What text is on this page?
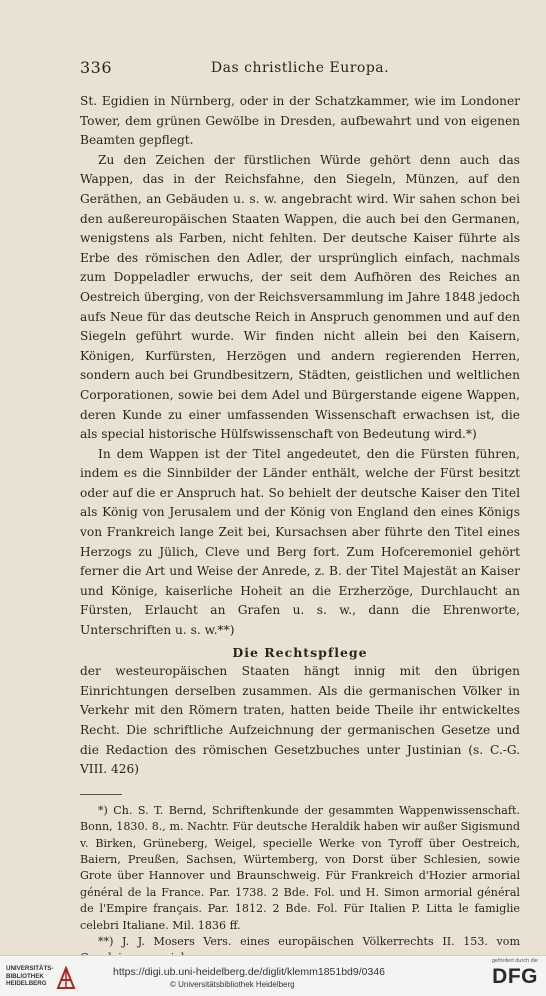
336	Das christliche Europa.

St. Egidien in Nürnberg, oder in der Schatzkammer, wie im Londoner Tower, dem grünen Gewölbe in Dresden, aufbewahrt und von eigenen Beamten gepflegt.

Zu den Zeichen der fürstlichen Würde gehört denn auch das Wappen, das in der Reichsfahne, den Siegeln, Münzen, auf den Geräthen, an Gebäuden u. s. w. angebracht wird. Wir sahen schon bei den außereuropäischen Staaten Wappen, die auch bei den Germanen, wenigstens als Farben, nicht fehlten. Der deutsche Kaiser führte als Erbe des römischen den Adler, der ursprünglich einfach, nachmals zum Doppeladler erwuchs, der seit dem Aufhören des Reiches an Oestreich überging, von der Reichsversammlung im Jahre 1848 jedoch aufs Neue für das deutsche Reich in Anspruch genommen und auf den Siegeln geführt wurde. Wir finden nicht allein bei den Kaisern, Königen, Kurfürsten, Herzögen und andern regierenden Herren, sondern auch bei Grundbesitzern, Städten, geistlichen und weltlichen Corporationen, sowie bei dem Adel und Bürgerstande eigene Wappen, deren Kunde zu einer umfassenden Wissenschaft erwachsen ist, die als special historische Hülfswissenschaft von Bedeutung wird.*)

In dem Wappen ist der Titel angedeutet, den die Fürsten führen, indem es die Sinnbilder der Länder enthält, welche der Fürst besitzt oder auf die er Anspruch hat. So behielt der deutsche Kaiser den Titel als König von Jerusalem und der König von England den eines Königs von Frankreich lange Zeit bei, Kursachsen aber führte den Titel eines Herzogs zu Jülich, Cleve und Berg fort. Zum Hofceremoniel gehört ferner die Art und Weise der Anrede, z. B. der Titel Majestät an Kaiser und Könige, kaiserliche Hoheit an die Erzherzöge, Durchlaucht an Fürsten, Erlaucht an Grafen u. s. w., dann die Ehrenworte, Unterschriften u. s. w.**)

Die Rechtspflege

der westeuropäischen Staaten hängt innig mit den übrigen Einrichtungen derselben zusammen. Als die germanischen Völker in Verkehr mit den Römern traten, hatten beide Theile ihr entwickeltes Recht. Die schriftliche Aufzeichnung der germanischen Gesetze und die Redaction des römischen Gesetzbuches unter Justinian (s. C.-G. VIII. 426)

*) Ch. S. T. Bernd, Schriftenkunde der gesammten Wappenwissenschaft. Bonn, 1830. 8., m. Nachtr. Für deutsche Heraldik haben wir außer Sigismund v. Birken, Grüneberg, Weigel, specielle Werke von Tyroff über Oestreich, Baiern, Preußen, Sachsen, Würtemberg, von Dorst über Schlesien, sowie Grote über Hannover und Braunschweig. Für Frankreich d'Hozier armorial général de la France. Par. 1738. 2 Bde. Fol. und H. Simon armorial général de l'Empire français. Par. 1812. 2 Bde. Fol. Für Italien P. Litta le famiglie celebri Italiane. Mil. 1836 ff.

**) J. J. Mosers Vers. eines europäischen Völkerrechts II. 153. vom

UNIVERSITÄTS-
BIBLIOTHEK
HEIDELBERG
https://digi.ub.uni-heidelberg.de/diglit/klemm1851bd9/0346
© Universitätsbibliothek Heidelberg
gefördert durch die
DFG
